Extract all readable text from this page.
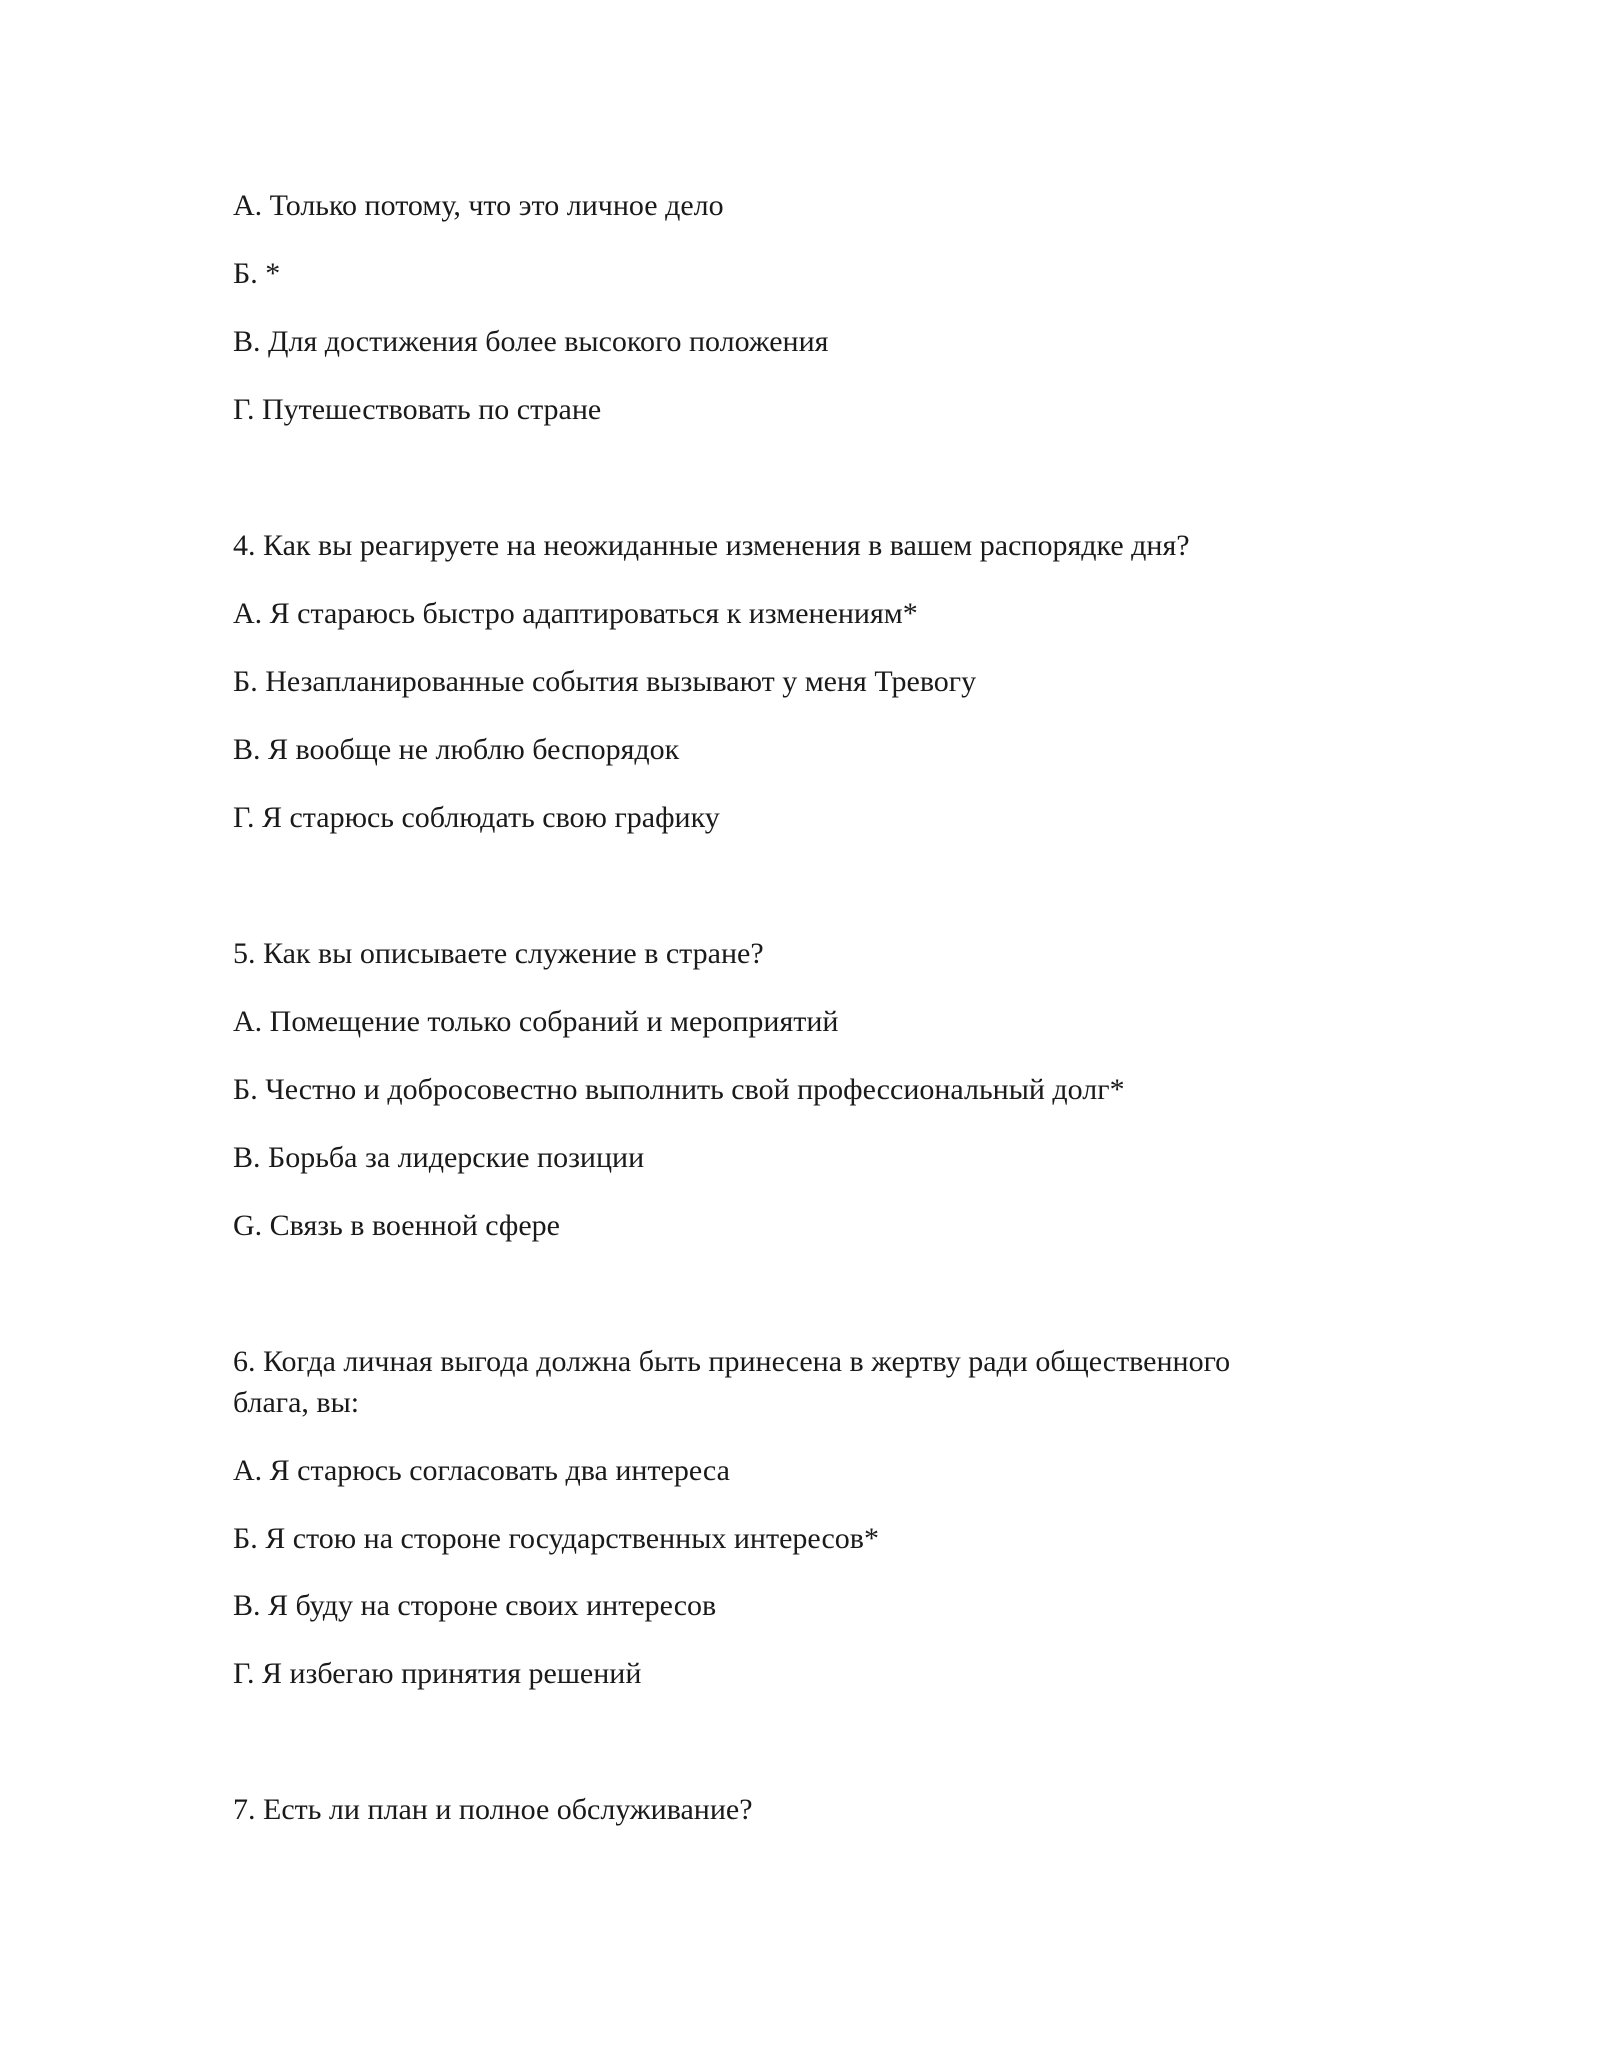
А. Только потому, что это личное дело
Б. *
В. Для достижения более высокого положения
Г. Путешествовать по стране
4. Как вы реагируете на неожиданные изменения в вашем распорядке дня?
А. Я стараюсь быстро адаптироваться к изменениям*
Б. Незапланированные события вызывают у меня Тревогу
В. Я вообще не люблю беспорядок
Г. Я старюсь соблюдать свою графику
5. Как вы описываете служение в стране?
А. Помещение только собраний и мероприятий
Б. Честно и добросовестно выполнить свой профессиональный долг*
В. Борьба за лидерские позиции
G. Связь в военной сфере
6. Когда личная выгода должна быть принесена в жертву ради общественного
блага, вы:
А. Я старюсь согласовать два интереса
Б. Я стою на стороне государственных интересов*
В. Я буду на стороне своих интересов
Г. Я избегаю принятия решений
7. Есть ли план и полное обслуживание?
